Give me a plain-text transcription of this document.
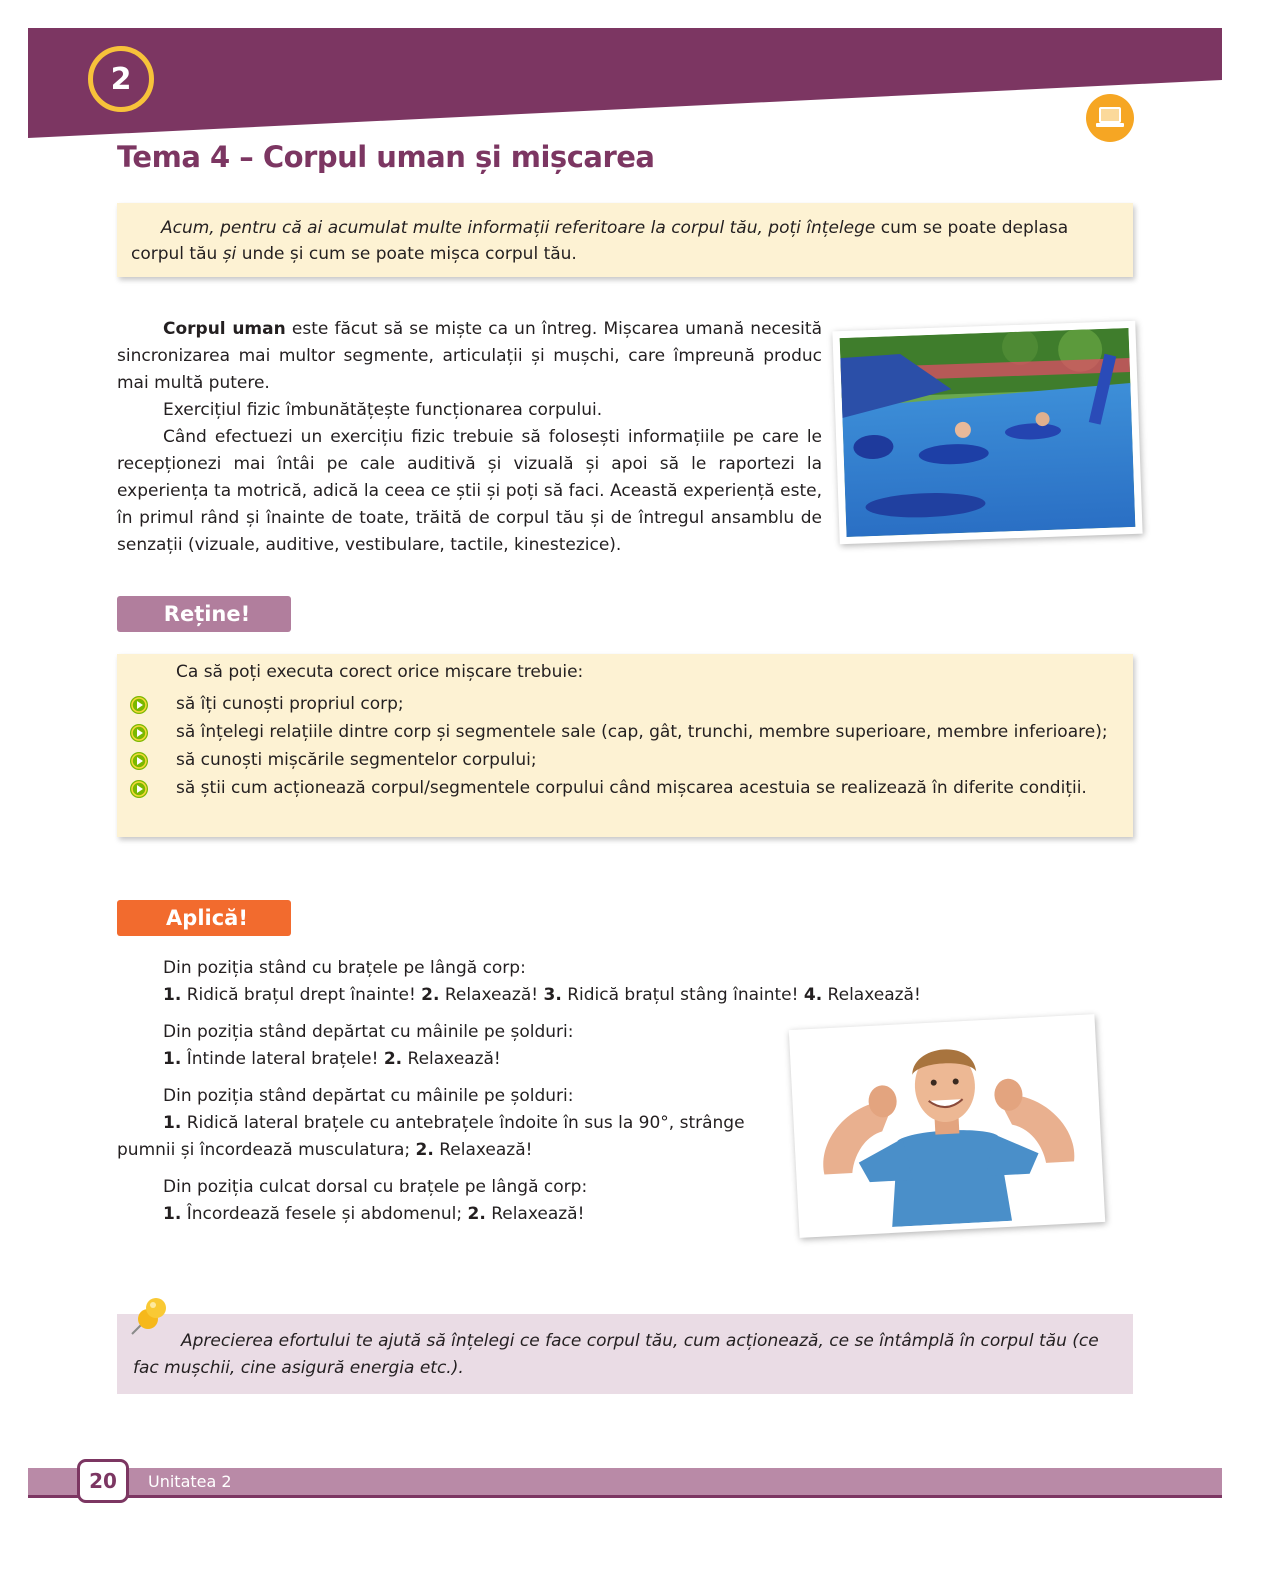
2
Tema 4 – Corpul uman și mișcarea
Acum, pentru că ai acumulat multe informații referitoare la corpul tău, poți înțelege cum se poate deplasa corpul tău și unde și cum se poate mișca corpul tău.

Corpul uman este făcut să se miște ca un întreg. Mișcarea umană necesită sincronizarea mai multor segmente, articulații și mușchi, care împreună produc mai multă putere.

Exercițiul fizic îmbunătățește funcționarea corpului.

Când efectuezi un exercițiu fizic trebuie să folosești informațiile pe care le recepționezi mai întâi pe cale auditivă și vizuală și apoi să le raportezi la experiența ta motrică, adică la ceea ce știi și poți să faci. Această experiență este, în primul rând și înainte de toate, trăită de corpul tău și de întregul ansamblu de senzații (vizuale, auditive, vestibulare, tactile, kinestezice).

Reține!
Ca să poți executa corect orice mișcare trebuie:
să îți cunoști propriul corp;
să înțelegi relațiile dintre corp și segmentele sale (cap, gât, trunchi, membre superioare, membre inferioare);
să cunoști mișcările segmentelor corpului;
să știi cum acționează corpul/segmentele corpului când mișcarea acestuia se realizează în diferite condiții.
Aplică!

Din poziția stând cu brațele pe lângă corp:

1. Ridică brațul drept înainte! 2. Relaxează! 3. Ridică brațul stâng înainte! 4. Relaxează!

Din poziția stând depărtat cu mâinile pe șolduri:

1. Întinde lateral brațele! 2. Relaxează!

Din poziția stând depărtat cu mâinile pe șolduri:

1. Ridică lateral brațele cu antebrațele îndoite în sus la 90°, strânge

pumnii și încordează musculatura; 2. Relaxează!

Din poziția culcat dorsal cu brațele pe lângă corp:

1. Încordează fesele și abdomenul; 2. Relaxează!

Aprecierea efortului te ajută să înțelegi ce face corpul tău, cum acționează, ce se întâmplă în corpul tău (ce fac mușchii, cine asigură energia etc.).
20	Unitatea 2
